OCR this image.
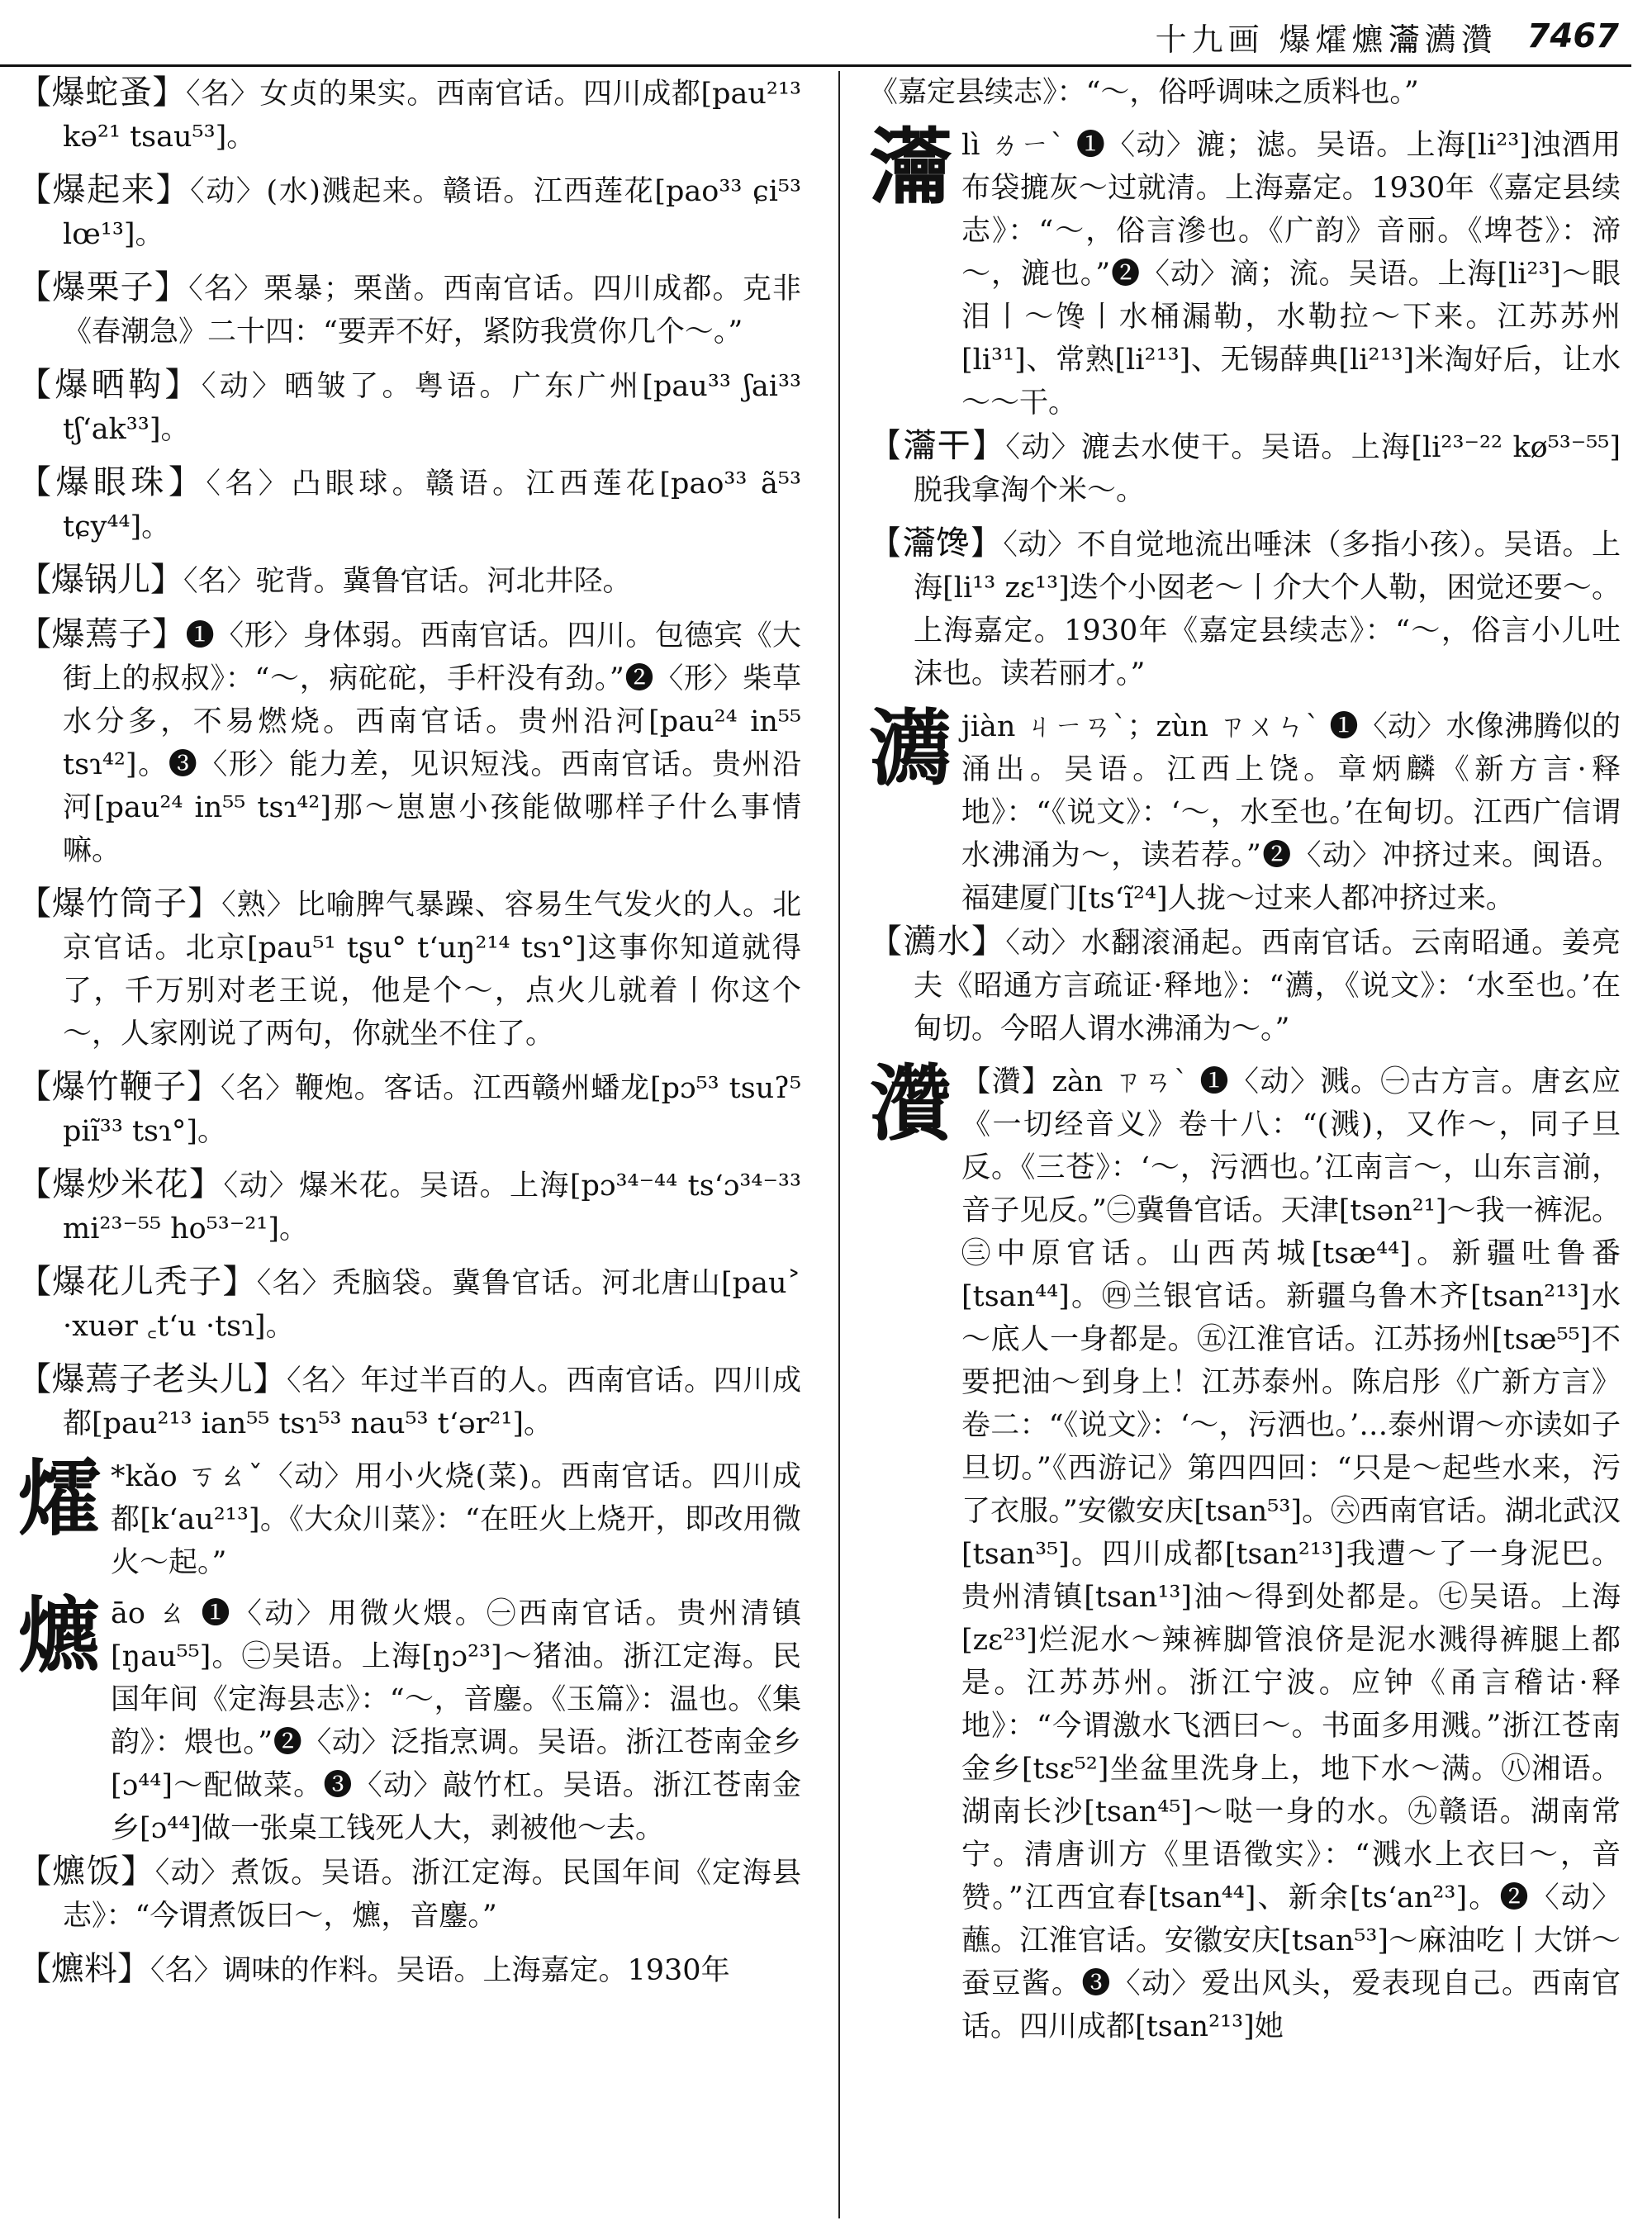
十九画 爆㸌爊𤅢瀳灒 7467
【爆蛇蚤】〈名〉女贞的果实。西南官话。四川成都[pau²¹³ kə²¹ tsau⁵³]。
【爆起来】〈动〉(水)溅起来。赣语。江西莲花[pao³³ ɕi⁵³ lœ¹³]。
【爆栗子】〈名〉栗暴；栗凿。西南官话。四川成都。克非《春潮急》二十四：“要弄不好，紧防我赏你几个～。”
【爆晒䩓】〈动〉晒皱了。粤语。广东广州[pau³³ ʃai³³ tʃ‘ak³³]。
【爆眼珠】〈名〉凸眼球。赣语。江西莲花[pao³³ ã⁵³ tɕy⁴⁴]。
【爆锅儿】〈名〉驼背。冀鲁官话。河北井陉。
【爆蔫子】❶〈形〉身体弱。西南官话。四川。包德宾《大街上的叔叔》：“～，病砣砣，手杆没有劲。”❷〈形〉柴草水分多，不易燃烧。西南官话。贵州沿河[pau²⁴ in⁵⁵ tsɿ⁴²]。❸〈形〉能力差，见识短浅。西南官话。贵州沿河[pau²⁴ in⁵⁵ tsɿ⁴²]那～崽崽小孩能做哪样子什么事情嘛。
【爆竹筒子】〈熟〉比喻脾气暴躁、容易生气发火的人。北京官话。北京[pau⁵¹ tʂu° t‘uŋ²¹⁴ tsɿ°]这事你知道就得了，千万别对老王说，他是个～，点火儿就着丨你这个～，人家刚说了两句，你就坐不住了。
【爆竹鞭子】〈名〉鞭炮。客话。江西赣州蟠龙[pɔ⁵³ tsuʔ⁵ piĩ³³ tsɿ°]。
【爆炒米花】〈动〉爆米花。吴语。上海[pɔ³⁴⁻⁴⁴ ts‘ɔ³⁴⁻³³ mi²³⁻⁵⁵ ho⁵³⁻²¹]。
【爆花儿秃子】〈名〉秃脑袋。冀鲁官话。河北唐山[pau˃ ·xuər ꜀t‘u ·tsɿ]。
【爆蔫子老头儿】〈名〉年过半百的人。西南官话。四川成都[pau²¹³ ian⁵⁵ tsɿ⁵³ nau⁵³ t‘ər²¹]。
㸌 *kǎo ㄎㄠˇ〈动〉用小火烧(菜)。西南官话。四川成都[k‘au²¹³]。《大众川菜》：“在旺火上烧开，即改用微火～起。”
爊 āo ㄠ ❶〈动〉用微火煨。㊀西南官话。贵州清镇[ŋau⁵⁵]。㊁吴语。上海[ŋɔ²³]～猪油。浙江定海。民国年间《定海县志》：“～，音鏖。《玉篇》：温也。《集韵》：煨也。”❷〈动〉泛指烹调。吴语。浙江苍南金乡[ɔ⁴⁴]～配做菜。❸〈动〉敲竹杠。吴语。浙江苍南金乡[ɔ⁴⁴]做一张桌工钱死人大，剥被他～去。
【爊饭】〈动〉煮饭。吴语。浙江定海。民国年间《定海县志》：“今谓煮饭曰～，爊，音鏖。”
【爊料】〈名〉调味的作料。吴语。上海嘉定。1930年
《嘉定县续志》：“～，俗呼调味之质料也。”
𤅢 lì ㄌㄧˋ ❶〈动〉漉；滤。吴语。上海[li²³]浊酒用布袋摝灰～过就清。上海嘉定。1930年《嘉定县续志》：“～，俗言滲也。《广韵》音丽。《埤苍》：渧～，漉也。”❷〈动〉滴；流。吴语。上海[li²³]～眼泪丨～馋丨水桶漏勒，水勒拉～下来。江苏苏州[li³¹]、常熟[li²¹³]、无锡薛典[li²¹³]米淘好后，让水～～干。
【𤅢干】〈动〉漉去水使干。吴语。上海[li²³⁻²² kø⁵³⁻⁵⁵]脱我拿淘个米～。
【𤅢馋】〈动〉不自觉地流出唾沫（多指小孩）。吴语。上海[li¹³ zɛ¹³]迭个小囡老～丨介大个人勒，困觉还要～。上海嘉定。1930年《嘉定县续志》：“～，俗言小儿吐沫也。读若丽才。”
瀳 jiàn ㄐㄧㄢˋ；zùn ㄗㄨㄣˋ ❶〈动〉水像沸腾似的涌出。吴语。江西上饶。章炳麟《新方言·释地》：“《说文》：‘～，水至也。’在甸切。江西广信谓水沸涌为～，读若荐。”❷〈动〉冲挤过来。闽语。福建厦门[ts‘ĩ²⁴]人拢～过来人都冲挤过来。
【瀳水】〈动〉水翻滚涌起。西南官话。云南昭通。姜亮夫《昭通方言疏证·释地》：“瀳，《说文》：‘水至也。’在甸切。今昭人谓水沸涌为～。”
灒 【灒】zàn ㄗㄢˋ ❶〈动〉溅。㊀古方言。唐玄应《一切经音义》卷十八：“(溅)，又作～，同子旦反。《三苍》：‘～，污洒也。’江南言～，山东言湔，音子见反。”㊁冀鲁官话。天津[tsən²¹]～我一裤泥。㊂中原官话。山西芮城[tsæ⁴⁴]。新疆吐鲁番[tsan⁴⁴]。㊃兰银官话。新疆乌鲁木齐[tsan²¹³]水～底人一身都是。㊄江淮官话。江苏扬州[tsæ⁵⁵]不要把油～到身上！江苏泰州。陈启彤《广新方言》卷二：“《说文》：‘～，污洒也。’…泰州谓～亦读如子旦切。”《西游记》第四四回：“只是～起些水来，污了衣服。”安徽安庆[tsan⁵³]。㊅西南官话。湖北武汉[tsan³⁵]。四川成都[tsan²¹³]我遭～了一身泥巴。贵州清镇[tsan¹³]油～得到处都是。㊆吴语。上海[zɛ²³]烂泥水～辣裤脚管浪侪是泥水溅得裤腿上都是。江苏苏州。浙江宁波。应钟《甬言稽诂·释地》：“今谓激水飞洒曰～。书面多用溅。”浙江苍南金乡[tsɛ⁵²]坐盆里洗身上，地下水～满。㊇湘语。湖南长沙[tsan⁴⁵]～哒一身的水。㊈赣语。湖南常宁。清唐训方《里语徵实》：“溅水上衣曰～，音赞。”江西宜春[tsan⁴⁴]、新余[ts‘an²³]。❷〈动〉蘸。江淮官话。安徽安庆[tsan⁵³]～麻油吃丨大饼～蚕豆酱。❸〈动〉爱出风头，爱表现自己。西南官话。四川成都[tsan²¹³]她
